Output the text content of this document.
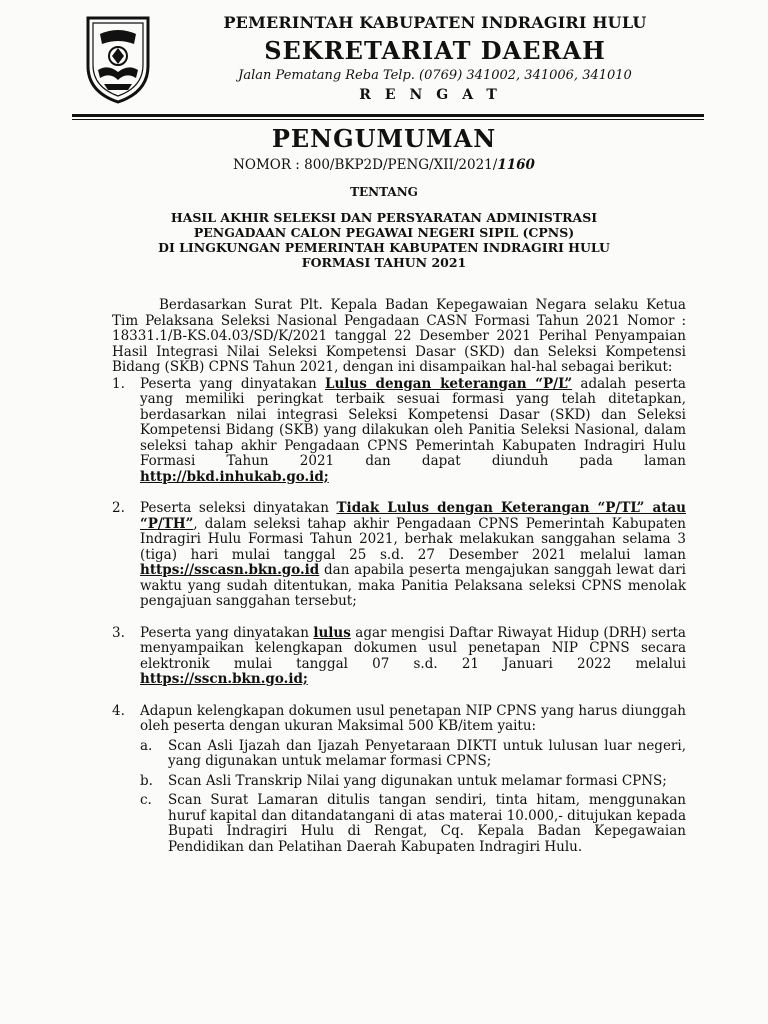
PEMERINTAH KABUPATEN INDRAGIRI HULU
SEKRETARIAT DAERAH
Jalan Pematang Reba Telp. (0769) 341002, 341006, 341010
RENGAT
PENGUMUMAN
NOMOR : 800/BKP2D/PENG/XII/2021/1160
TENTANG
HASIL AKHIR SELEKSI DAN PERSYARATAN ADMINISTRASI
PENGADAAN CALON PEGAWAI NEGERI SIPIL (CPNS)
DI LINGKUNGAN PEMERINTAH KABUPATEN INDRAGIRI HULU
FORMASI TAHUN 2021

Berdasarkan Surat Plt. Kepala Badan Kepegawaian Negara selaku Ketua Tim Pelaksana Seleksi Nasional Pengadaan CASN Formasi Tahun 2021 Nomor : 18331.1/B-KS.04.03/SD/K/2021 tanggal 22 Desember 2021 Perihal Penyampaian Hasil Integrasi Nilai Seleksi Kompetensi Dasar (SKD) dan Seleksi Kompetensi Bidang (SKB) CPNS Tahun 2021, dengan ini disampaikan hal-hal sebagai berikut:

1. Peserta yang dinyatakan Lulus dengan keterangan “P/L” adalah peserta yang memiliki peringkat terbaik sesuai formasi yang telah ditetapkan, berdasarkan nilai integrasi Seleksi Kompetensi Dasar (SKD) dan Seleksi Kompetensi Bidang (SKB) yang dilakukan oleh Panitia Seleksi Nasional, dalam seleksi tahap akhir Pengadaan CPNS Pemerintah Kabupaten Indragiri Hulu Formasi Tahun 2021 dan dapat diunduh pada laman http://bkd.inhukab.go.id;
2. Peserta seleksi dinyatakan Tidak Lulus dengan Keterangan “P/TL” atau “P/TH”, dalam seleksi tahap akhir Pengadaan CPNS Pemerintah Kabupaten Indragiri Hulu Formasi Tahun 2021, berhak melakukan sanggahan selama 3 (tiga) hari mulai tanggal 25 s.d. 27 Desember 2021 melalui laman https://sscasn.bkn.go.id dan apabila peserta mengajukan sanggah lewat dari waktu yang sudah ditentukan, maka Panitia Pelaksana seleksi CPNS menolak pengajuan sanggahan tersebut;
3. Peserta yang dinyatakan lulus agar mengisi Daftar Riwayat Hidup (DRH) serta menyampaikan kelengkapan dokumen usul penetapan NIP CPNS secara elektronik mulai tanggal 07 s.d. 21 Januari 2022 melalui https://sscn.bkn.go.id;
4. Adapun kelengkapan dokumen usul penetapan NIP CPNS yang harus diunggah oleh peserta dengan ukuran Maksimal 500 KB/item yaitu:
a. Scan Asli Ijazah dan Ijazah Penyetaraan DIKTI untuk lulusan luar negeri, yang digunakan untuk melamar formasi CPNS;
b. Scan Asli Transkrip Nilai yang digunakan untuk melamar formasi CPNS;
c. Scan Surat Lamaran ditulis tangan sendiri, tinta hitam, menggunakan huruf kapital dan ditandatangani di atas materai 10.000,- ditujukan kepada Bupati Indragiri Hulu di Rengat, Cq. Kepala Badan Kepegawaian Pendidikan dan Pelatihan Daerah Kabupaten Indragiri Hulu.
